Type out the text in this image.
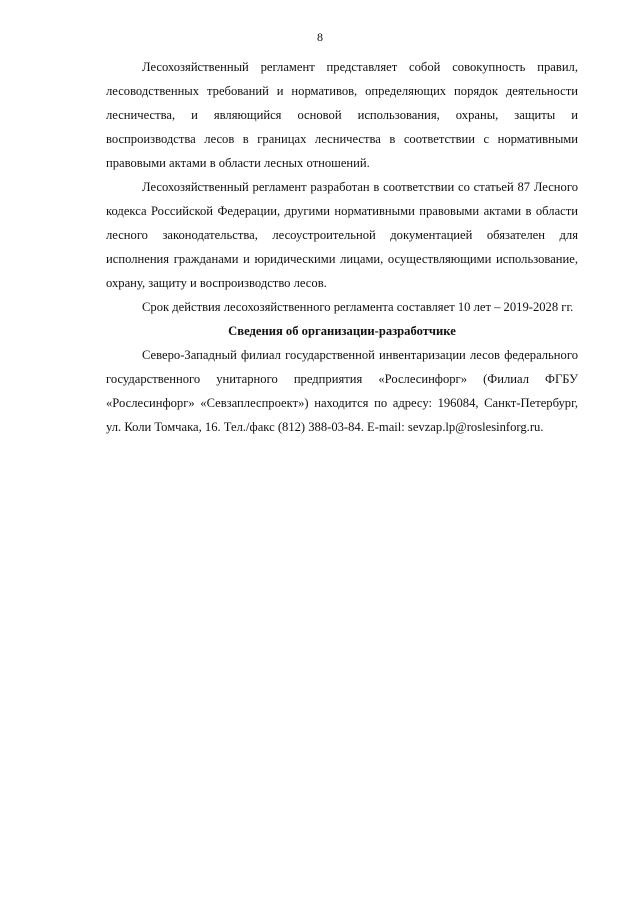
8

Лесохозяйственный регламент представляет собой совокупность правил, лесоводственных требований и нормативов, определяющих порядок деятельности лесничества, и являющийся основой использования, охраны, защиты и воспроизводства лесов в границах лесничества в соответствии с нормативными правовыми актами в области лесных отношений.

Лесохозяйственный регламент разработан в соответствии со статьей 87 Лесного кодекса Российской Федерации, другими нормативными правовыми актами в области лесного законодательства, лесоустроительной документацией обязателен для исполнения гражданами и юридическими лицами, осуществляющими использование, охрану, защиту и воспроизводство лесов.

Срок действия лесохозяйственного регламента составляет 10 лет – 2019-2028 гг.

Сведения об организации-разработчике

Северо-Западный филиал государственной инвентаризации лесов федерального государственного унитарного предприятия «Рослесинфорг» (Филиал ФГБУ «Рослесинфорг» «Севзаплеспроект») находится по адресу: 196084, Санкт-Петербург, ул. Коли Томчака, 16. Тел./факс (812) 388-03-84. E-mail: sevzap.lp@roslesinforg.ru.
